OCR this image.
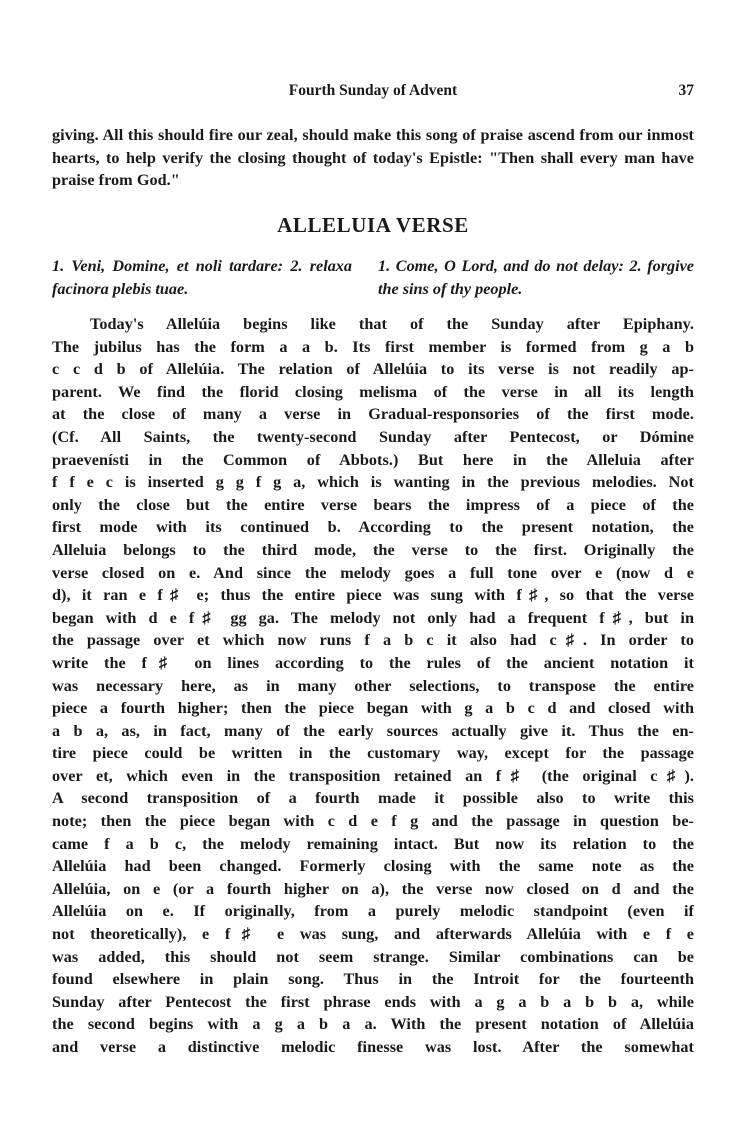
Fourth Sunday of Advent	37
giving. All this should fire our zeal, should make this song of praise ascend from our inmost hearts, to help verify the closing thought of today's Epistle: "Then shall every man have praise from God."
ALLELUIA VERSE
1. Veni, Domine, et noli tardare: 2. relaxa facinora plebis tuae.
1. Come, O Lord, and do not delay: 2. forgive the sins of thy people.
Today's Allelúia begins like that of the Sunday after Epiphany.
The jubilus has the form a a b. Its first member is formed from g a b
c c d b of Allelúia. The relation of Allelúia to its verse is not readily ap-
parent. We find the florid closing melisma of the verse in all its length
at the close of many a verse in Gradual-responsories of the first mode.
(Cf. All Saints, the twenty-second Sunday after Pentecost, or Dómine
praevenísti in the Common of Abbots.) But here in the Alleluia after
f f e c is inserted g g f g a, which is wanting in the previous melodies. Not
only the close but the entire verse bears the impress of a piece of the
first mode with its continued b. According to the present notation, the
Alleluia belongs to the third mode, the verse to the first. Originally the
verse closed on e. And since the melody goes a full tone over e (now d e
d), it ran e f♯ e; thus the entire piece was sung with f♯, so that the verse
began with d e f♯ gg ga. The melody not only had a frequent f♯, but in
the passage over et which now runs f a b c it also had c♯. In order to
write the f♯ on lines according to the rules of the ancient notation it
was necessary here, as in many other selections, to transpose the entire
piece a fourth higher; then the piece began with g a b c d and closed with
a b a, as, in fact, many of the early sources actually give it. Thus the en-
tire piece could be written in the customary way, except for the passage
over et, which even in the transposition retained an f♯ (the original c♯).
A second transposition of a fourth made it possible also to write this
note; then the piece began with c d e f g and the passage in question be-
came f a b c, the melody remaining intact. But now its relation to the
Allelúia had been changed. Formerly closing with the same note as the
Allelúia, on e (or a fourth higher on a), the verse now closed on d and the
Allelúia on e. If originally, from a purely melodic standpoint (even if
not theoretically), e f♯ e was sung, and afterwards Allelúia with e f e
was added, this should not seem strange. Similar combinations can be
found elsewhere in plain song. Thus in the Introit for the fourteenth
Sunday after Pentecost the first phrase ends with a g a b a b b a, while
the second begins with a g a b a a. With the present notation of Allelúia
and verse a distinctive melodic finesse was lost. After the somewhat
